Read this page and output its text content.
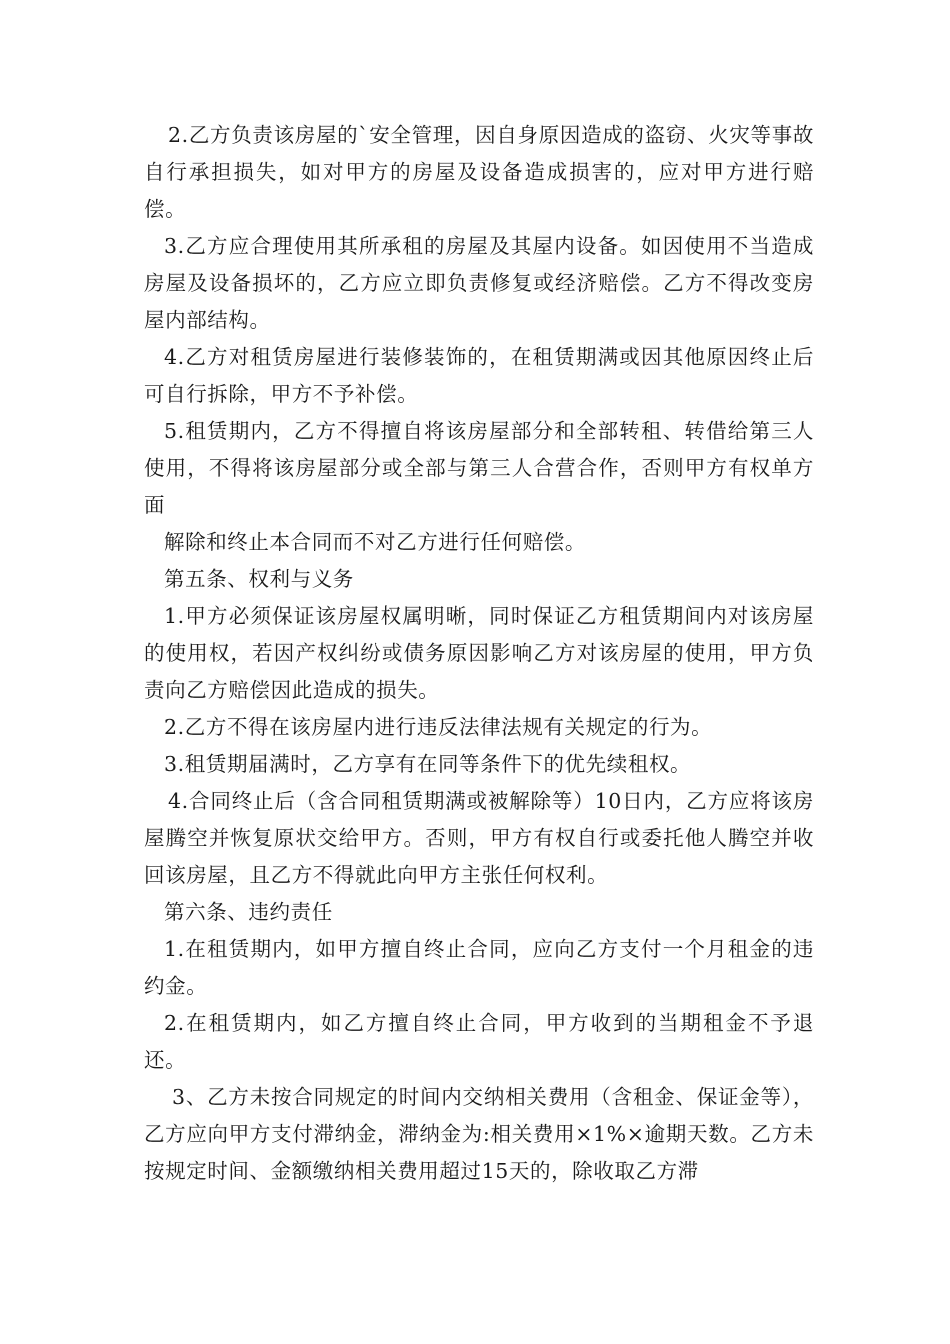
2.乙方负责该房屋的`安全管理，因自身原因造成的盗窃、火灾等事故自行承担损失，如对甲方的房屋及设备造成损害的，应对甲方进行赔偿。

3.乙方应合理使用其所承租的房屋及其屋内设备。如因使用不当造成房屋及设备损坏的，乙方应立即负责修复或经济赔偿。乙方不得改变房屋内部结构。

4.乙方对租赁房屋进行装修装饰的，在租赁期满或因其他原因终止后可自行拆除，甲方不予补偿。

5.租赁期内，乙方不得擅自将该房屋部分和全部转租、转借给第三人使用，不得将该房屋部分或全部与第三人合营合作，否则甲方有权单方面

解除和终止本合同而不对乙方进行任何赔偿。

第五条、权利与义务

1.甲方必须保证该房屋权属明晰，同时保证乙方租赁期间内对该房屋的使用权，若因产权纠纷或债务原因影响乙方对该房屋的使用，甲方负责向乙方赔偿因此造成的损失。

2.乙方不得在该房屋内进行违反法律法规有关规定的行为。

3.租赁期届满时，乙方享有在同等条件下的优先续租权。

4.合同终止后（含合同租赁期满或被解除等）10日内，乙方应将该房屋腾空并恢复原状交给甲方。否则，甲方有权自行或委托他人腾空并收回该房屋，且乙方不得就此向甲方主张任何权利。

第六条、违约责任

1.在租赁期内，如甲方擅自终止合同，应向乙方支付一个月租金的违约金。

2.在租赁期内，如乙方擅自终止合同，甲方收到的当期租金不予退还。

3、乙方未按合同规定的时间内交纳相关费用（含租金、保证金等），乙方应向甲方支付滞纳金，滞纳金为:相关费用×1%×逾期天数。乙方未按规定时间、金额缴纳相关费用超过15天的，除收取乙方滞
